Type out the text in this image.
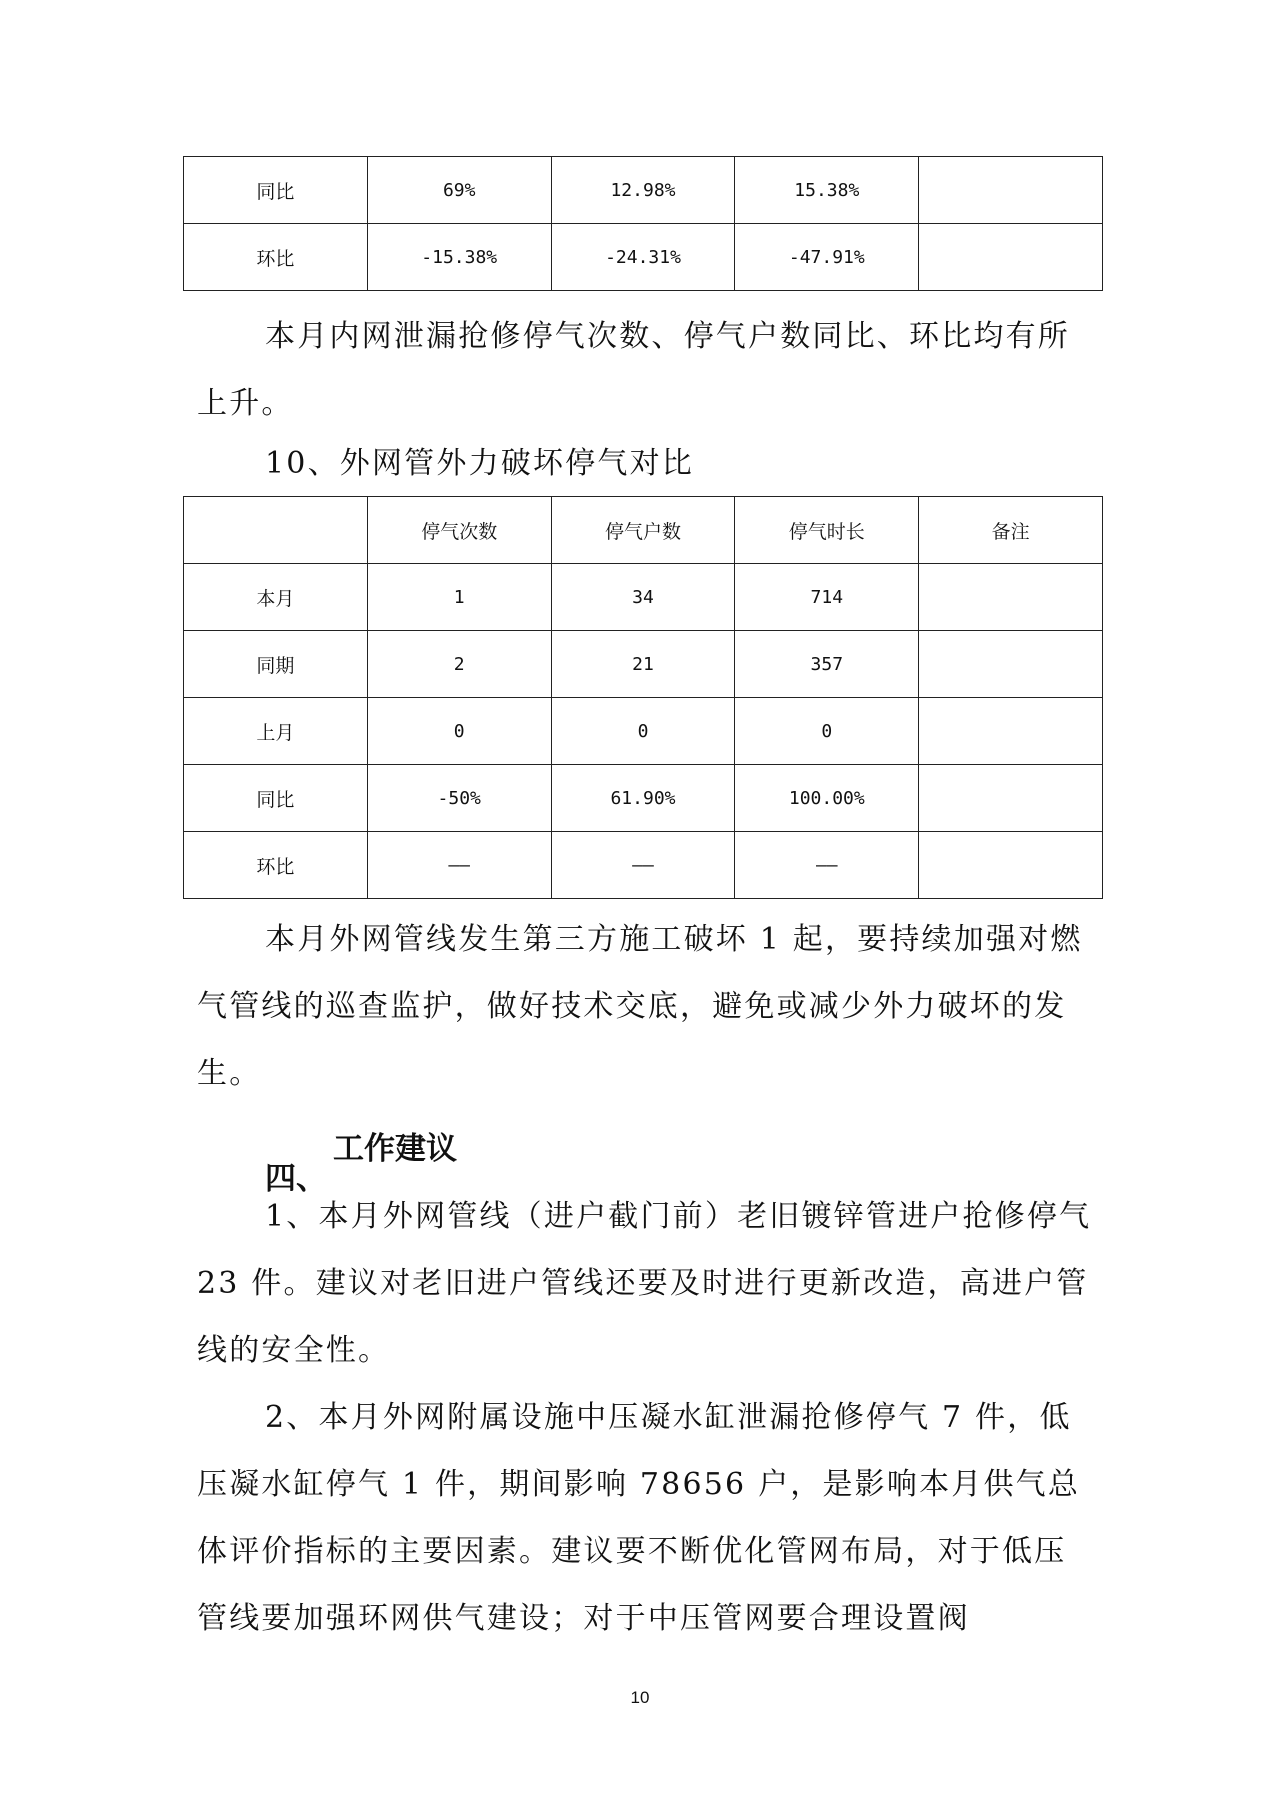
同比	69%	12.98%	15.38%	
环比	-15.38%	-24.31%	-47.91%	

本月内网泄漏抢修停气次数、停气户数同比、环比均有所上升。

10、外网管外力破坏停气对比

	停气次数	停气户数	停气时长	备注
本月	1	34	714	
同期	2	21	357	
上月	0	0	0	
同比	-50%	61.90%	100.00%	
环比	——	——	——	

本月外网管线发生第三方施工破坏 1 起，要持续加强对燃气管线的巡查监护，做好技术交底，避免或减少外力破坏的发生。

工作建议

四、

1、本月外网管线（进户截门前）老旧镀锌管进户抢修停气 23 件。建议对老旧进户管线还要及时进行更新改造，高进户管线的安全性。

2、本月外网附属设施中压凝水缸泄漏抢修停气 7 件，低压凝水缸停气 1 件，期间影响 78656 户，是影响本月供气总体评价指标的主要因素。建议要不断优化管网布局，对于低压管线要加强环网供气建设；对于中压管网要合理设置阀

10
